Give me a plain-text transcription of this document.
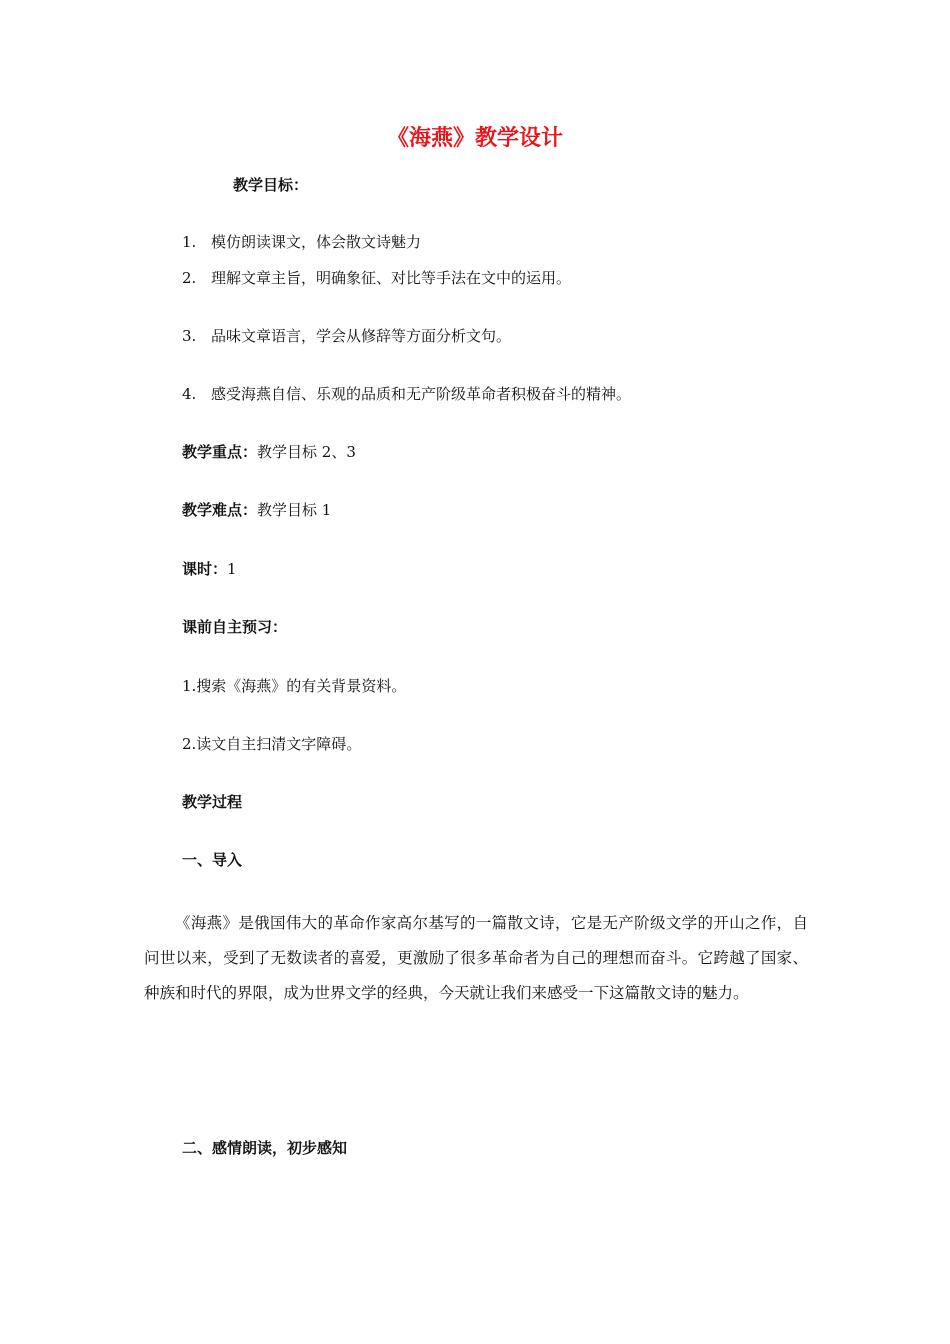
《海燕》教学设计
教学目标：
1. 模仿朗读课文，体会散文诗魅力
2. 理解文章主旨，明确象征、对比等手法在文中的运用。
3. 品味文章语言，学会从修辞等方面分析文句。
4. 感受海燕自信、乐观的品质和无产阶级革命者积极奋斗的精神。
教学重点：教学目标 2、3
教学难点：教学目标 1
课时：1
课前自主预习：
1.搜索《海燕》的有关背景资料。
2.读文自主扫清文字障碍。
教学过程
一、导入
《海燕》是俄国伟大的革命作家高尔基写的一篇散文诗，它是无产阶级文学的开山之作，自问世以来，受到了无数读者的喜爱，更激励了很多革命者为自己的理想而奋斗。它跨越了国家、种族和时代的界限，成为世界文学的经典，今天就让我们来感受一下这篇散文诗的魅力。
二、感情朗读，初步感知
